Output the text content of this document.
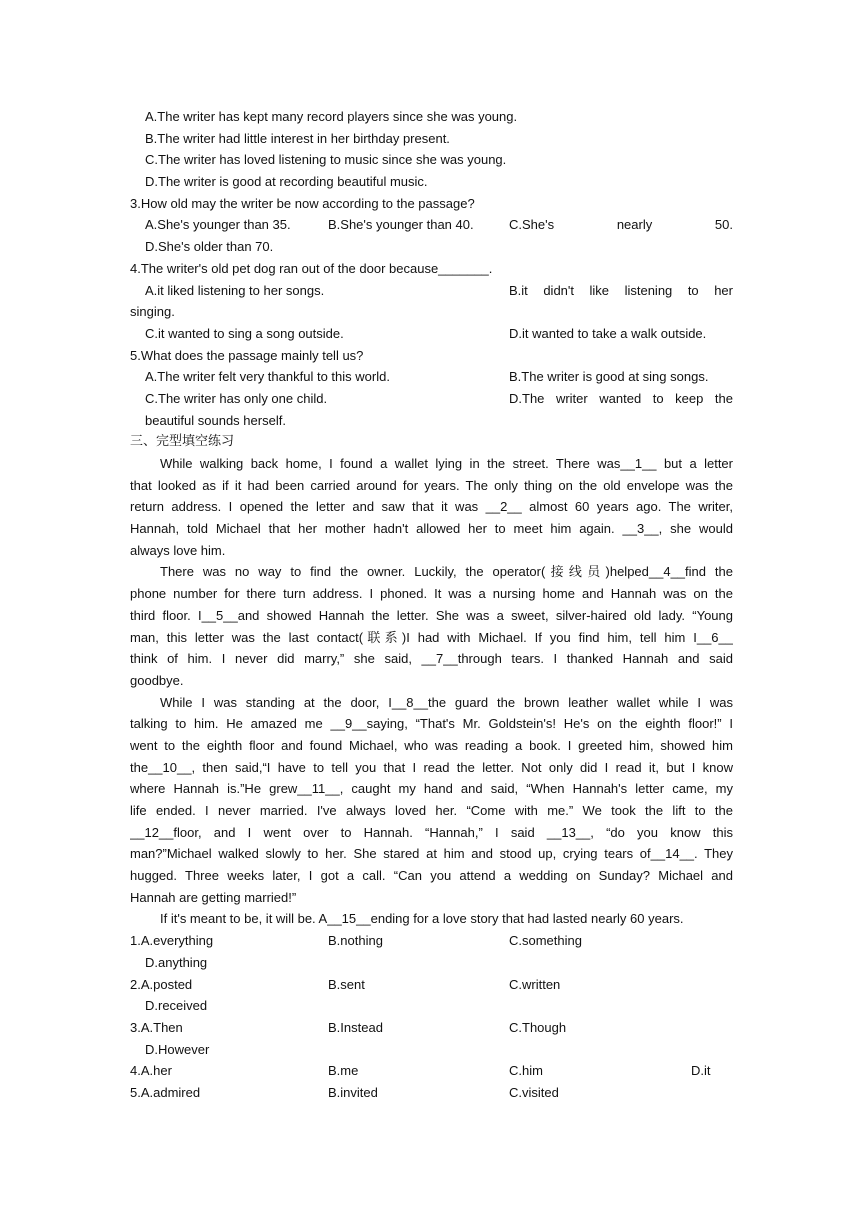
A.The writer has kept many record players since she was young.
B.The writer had little interest in her birthday present.
C.The writer has loved listening to music since she was young.
D.The writer is good at recording beautiful music.
3.How old may the writer be now according to the passage?
A.She's younger than 35.	B.She's younger than 40.	C.She's	nearly	50.
D.She's older than 70.
4.The writer's old pet dog ran out of the door because_______.
A.it liked listening to her songs.	B.it didn't like listening to her
singing.
C.it wanted to sing a song outside.	D.it wanted to take a walk outside.
5.What does the passage mainly tell us?
A.The writer felt very thankful to this world.	B.The writer is good at sing songs.
C.The writer has only one child.	D.The writer wanted to keep the
beautiful sounds herself.
三、完型填空练习
While walking back home, I found a wallet lying in the street. There was__1__ but a letter
that looked as if it had been carried around for years. The only thing on the old envelope was the
return address. I opened the letter and saw that it was __2__ almost 60 years ago. The writer,
Hannah, told Michael that her mother hadn't allowed her to meet him again. __3__, she would
always love him.
There was no way to find the owner. Luckily, the operator(接线员)helped__4__find the
phone number for there turn address. I phoned. It was a nursing home and Hannah was on the
third floor. I__5__and showed Hannah the letter. She was a sweet, silver-haired old lady. “Young
man, this letter was the last contact(联系)I had with Michael. If you find him, tell him I__6__
think of him. I never did marry,” she said, __7__through tears. I thanked Hannah and said
goodbye.
While I was standing at the door, I__8__the guard the brown leather wallet while I was
talking to him. He amazed me __9__saying, “That's Mr. Goldstein's! He's on the eighth floor!” I
went to the eighth floor and found Michael, who was reading a book. I greeted him, showed him
the__10__, then said,“I have to tell you that I read the letter. Not only did I read it, but I know
where Hannah is.”He grew__11__, caught my hand and said, “When Hannah's letter came, my
life ended. I never married. I've always loved her. “Come with me.” We took the lift to the
__12__floor, and I went over to Hannah. “Hannah,” I said __13__, “do you know this
man?”Michael walked slowly to her. She stared at him and stood up, crying tears of__14__. They
hugged. Three weeks later, I got a call. “Can you attend a wedding on Sunday? Michael and
Hannah are getting married!”
If it's meant to be, it will be. A__15__ending for a love story that had lasted nearly 60 years.
1.A.everything	B.nothing	C.something
D.anything
2.A.posted	B.sent	C.written
D.received
3.A.Then	B.Instead	C.Though
D.However
4.A.her	B.me	C.him	D.it
5.A.admired	B.invited	C.visited
